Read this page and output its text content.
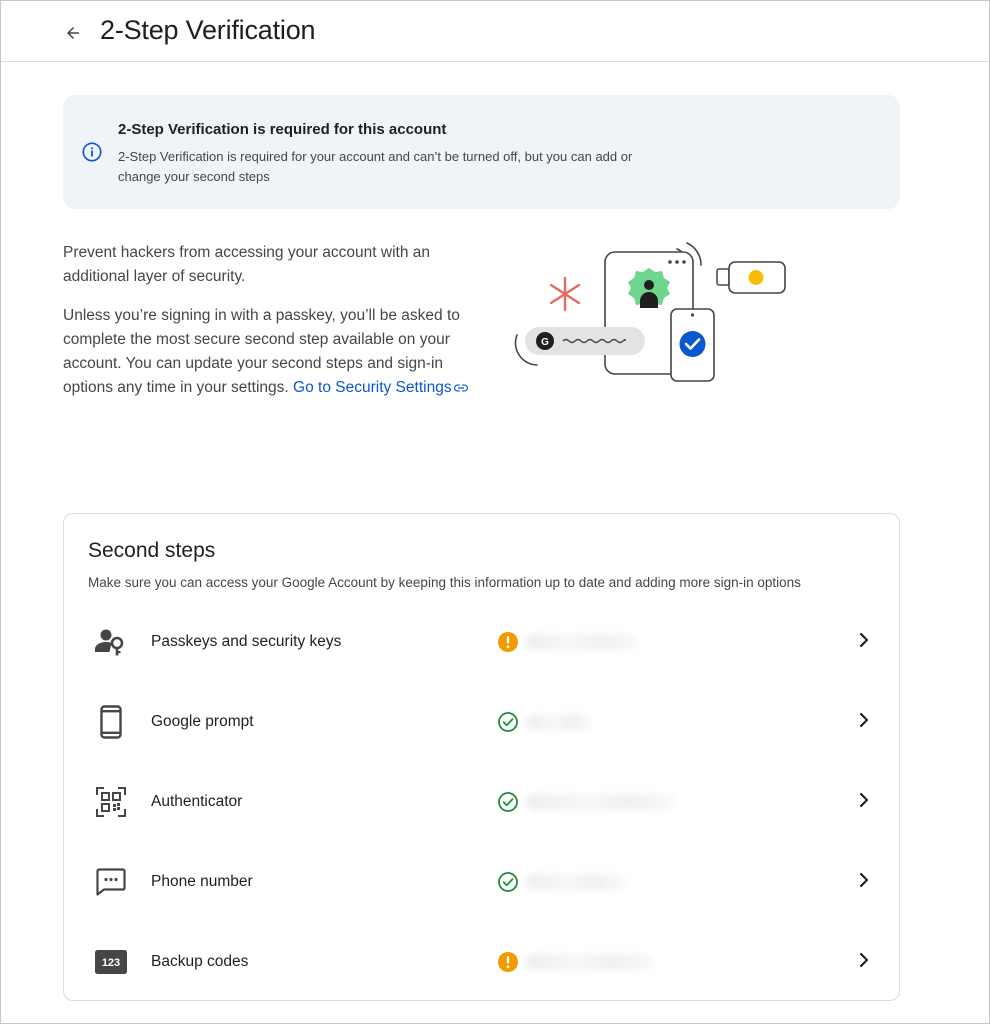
2-Step Verification
2-Step Verification is required for this account
2-Step Verification is required for your account and can’t be turned off, but you can add or change your second steps

Prevent hackers from accessing your account with an additional layer of security.

Unless you’re signing in with a passkey, you’ll be asked to complete the most secure second step available on your account. You can update your second steps and sign-in options any time in your settings. Go to Security Settings

G
Second steps
Make sure you can access your Google Account by keeping this information up to date and adding more sign-in options
Passkeys and security keys
Google prompt
Authenticator
Phone number
123 Backup codes
